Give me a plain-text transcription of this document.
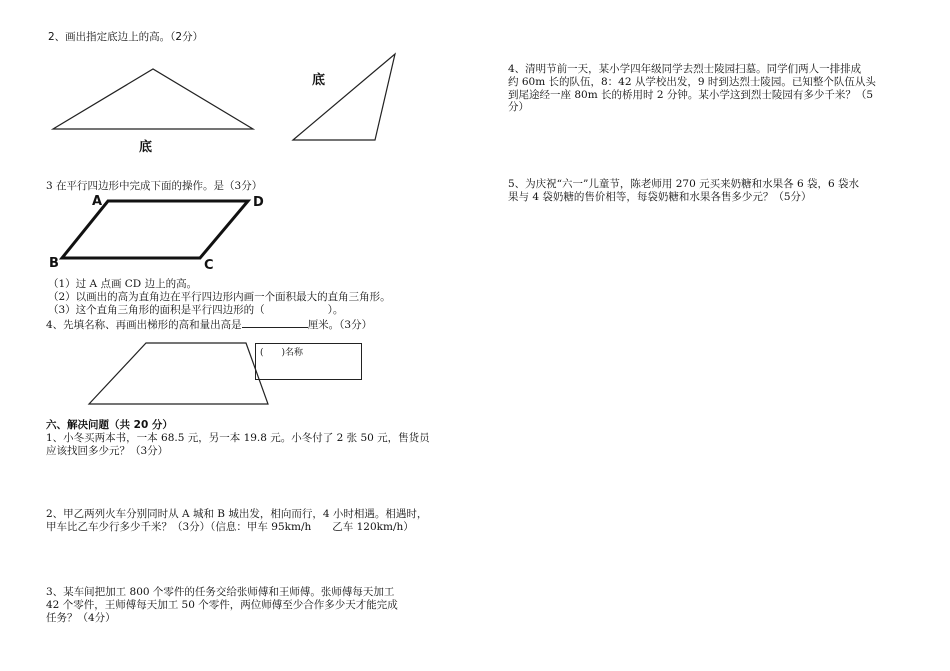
2、画出指定底边上的高。（2分）
底
底
3 在平行四边形中完成下面的操作。是（3分）
A	D
B	C
（1）过 A 点画 CD 边上的高。
（2）以画出的高为直角边在平行四边形内画一个面积最大的直角三角形。
（3）这个直角三角形的面积是平行四边形的（　　　　　　）。
4、先填名称、再画出梯形的高和量出高是	厘米。（3分）
(　　)名称
六、解决问题（共 20 分）
1、小冬买两本书，一本 68.5 元，另一本 19.8 元。小冬付了 2 张 50 元，售货员
应该找回多少元？（3分）
2、甲乙两列火车分别同时从 A 城和 B 城出发，相向而行，4 小时相遇。相遇时，
甲车比乙车少行多少千米？（3分）（信息：甲车 95km/h　　乙车 120km/h）
3、某车间把加工 800 个零件的任务交给张师傅和王师傅。张师傅每天加工
42 个零件，王师傅每天加工 50 个零件，两位师傅至少合作多少天才能完成
任务？（4分）
4、清明节前一天，某小学四年级同学去烈士陵园扫墓。同学们两人一排排成
约 60m 长的队伍，8：42 从学校出发，9 时到达烈士陵园。已知整个队伍从头
到尾途经一座 80m 长的桥用时 2 分钟。某小学这到烈士陵园有多少千米？（5
分）
5、为庆祝“六一”儿童节，陈老师用 270 元买来奶糖和水果各 6 袋，6 袋水
果与 4 袋奶糖的售价相等，每袋奶糖和水果各售多少元？（5分）
